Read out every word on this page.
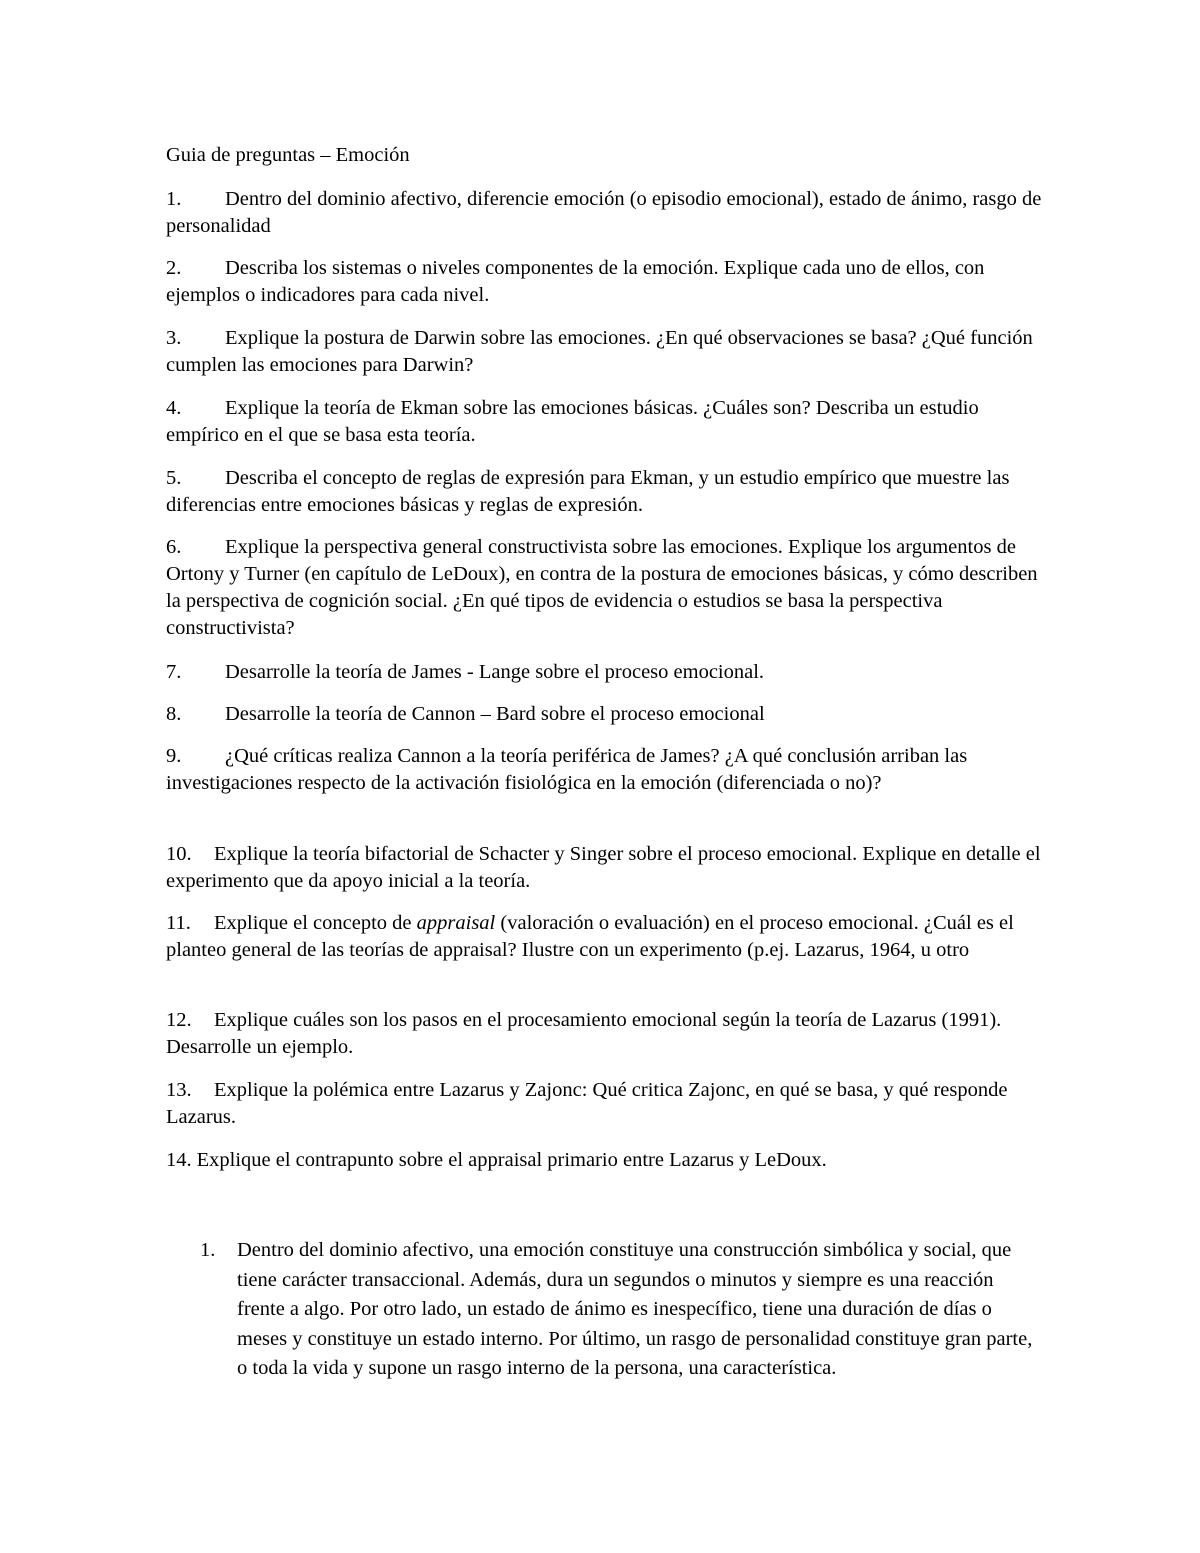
Guia de preguntas – Emoción
1. Dentro del dominio afectivo, diferencie emoción (o episodio emocional), estado de ánimo, rasgo de personalidad
2. Describa los sistemas o niveles componentes de la emoción. Explique cada uno de ellos, con ejemplos o indicadores para cada nivel.
3. Explique la postura de Darwin sobre las emociones. ¿En qué observaciones se basa? ¿Qué función cumplen las emociones para Darwin?
4. Explique la teoría de Ekman sobre las emociones básicas. ¿Cuáles son? Describa un estudio empírico en el que se basa esta teoría.
5. Describa el concepto de reglas de expresión para Ekman, y un estudio empírico que muestre las diferencias entre emociones básicas y reglas de expresión.
6. Explique la perspectiva general constructivista sobre las emociones. Explique los argumentos de Ortony y Turner (en capítulo de LeDoux), en contra de la postura de emociones básicas, y cómo describen la perspectiva de cognición social. ¿En qué tipos de evidencia o estudios se basa la perspectiva constructivista?
7. Desarrolle la teoría de James - Lange sobre el proceso emocional.
8. Desarrolle la teoría de Cannon – Bard sobre el proceso emocional
9. ¿Qué críticas realiza Cannon a la teoría periférica de James? ¿A qué conclusión arriban las investigaciones respecto de la activación fisiológica en la emoción (diferenciada o no)?
10. Explique la teoría bifactorial de Schacter y Singer sobre el proceso emocional. Explique en detalle el experimento que da apoyo inicial a la teoría.
11. Explique el concepto de appraisal (valoración o evaluación) en el proceso emocional. ¿Cuál es el planteo general de las teorías de appraisal? Ilustre con un experimento (p.ej. Lazarus, 1964, u otro
12. Explique cuáles son los pasos en el procesamiento emocional según la teoría de Lazarus (1991). Desarrolle un ejemplo.
13. Explique la polémica entre Lazarus y Zajonc: Qué critica Zajonc, en qué se basa, y qué responde Lazarus.
14. Explique el contrapunto sobre el appraisal primario entre Lazarus y LeDoux.
1. Dentro del dominio afectivo, una emoción constituye una construcción simbólica y social, que tiene carácter transaccional. Además, dura un segundos o minutos y siempre es una reacción frente a algo. Por otro lado, un estado de ánimo es inespecífico, tiene una duración de días o meses y constituye un estado interno. Por último, un rasgo de personalidad constituye gran parte, o toda la vida y supone un rasgo interno de la persona, una característica.
